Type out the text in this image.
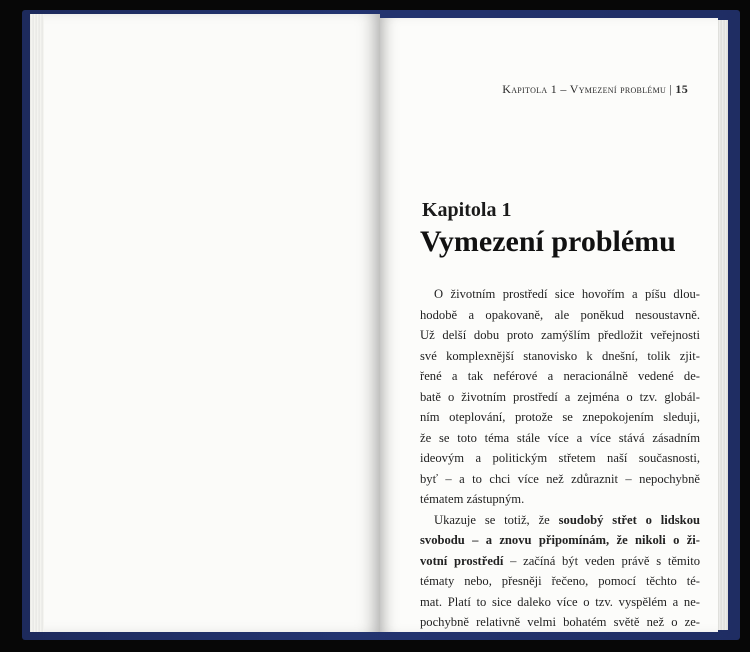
Kapitola 1 – Vymezení problému | 15
Kapitola 1
Vymezení problému
O životním prostředí sice hovořím a píšu dlou-
hodobě a opakovaně, ale poněkud nesoustavně.
Už delší dobu proto zamýšlím předložit veřejnosti
své komplexnější stanovisko k dnešní, tolik zjit-
řené a tak neférové a neracionálně vedené de-
batě o životním prostředí a zejména o tzv. globál-
ním oteplování, protože se znepokojením sleduji,
že se toto téma stále více a více stává zásadním
ideovým a politickým střetem naší současnosti,
byť – a to chci více než zdůraznit – nepochybně
tématem zástupným.
Ukazuje se totiž, že soudobý střet o lidskou
svobodu – a znovu připomínám, že nikoli o ži-
votní prostředí – začíná být veden právě s těmito
tématy nebo, přesněji řečeno, pomocí těchto té-
mat. Platí to sice daleko více o tzv. vyspělém a ne-
pochybně relativně velmi bohatém světě než o ze-
